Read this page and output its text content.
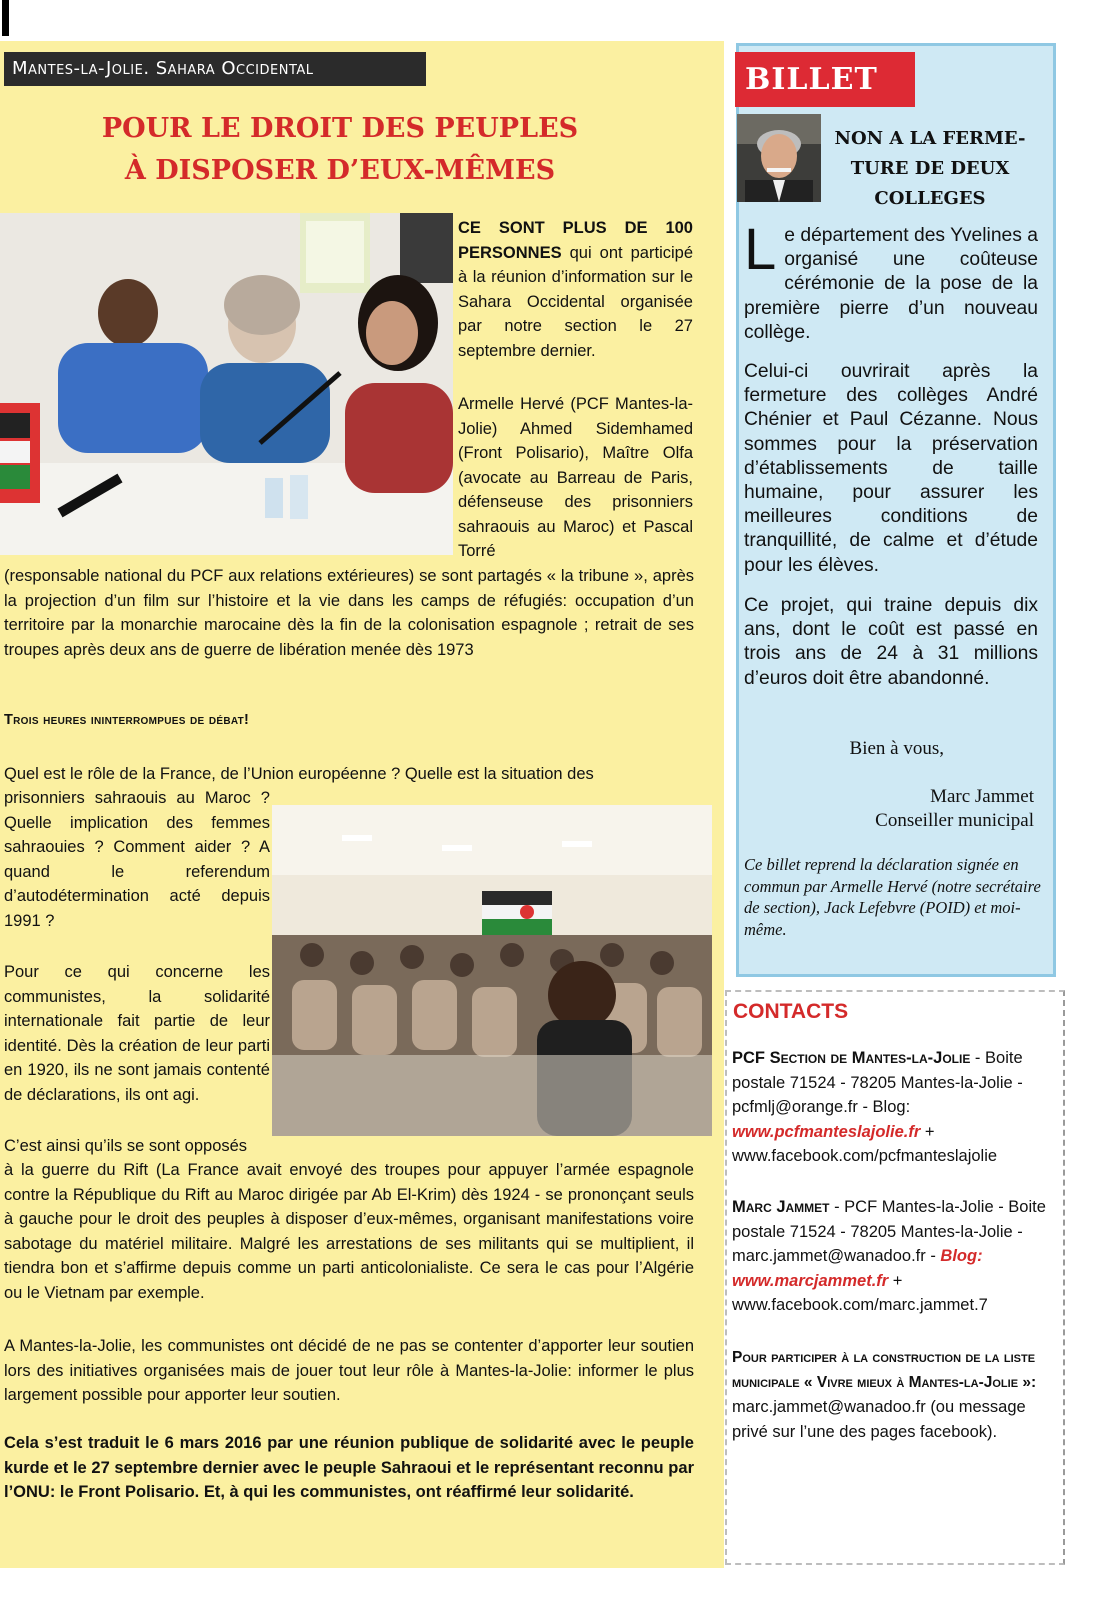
Mantes-la-Jolie. Sahara Occidental
POUR LE DROIT DES PEUPLES
À DISPOSER D’EUX-MÊMES
CE SONT PLUS DE 100 PERSONNES qui ont participé à la réunion d’information sur le Sahara Occidental organisée par notre section le 27 septembre dernier.
Armelle Hervé (PCF Mantes-la-Jolie) Ahmed Sidemhamed (Front Polisario), Maître Olfa (avocate au Barreau de Paris, défenseuse des prisonniers sahraouis au Maroc) et Pascal Torré
(responsable national du PCF aux relations extérieures) se sont partagés « la tribune », après la projection d’un film sur l’histoire et la vie dans les camps de réfugiés: occupation d’un territoire par la monarchie marocaine dès la fin de la colonisation espagnole ; retrait de ses troupes après deux ans de guerre de libération menée dès 1973
Trois heures ininterrompues de débat!
Quel est le rôle de la France, de l’Union européenne ? Quelle est la situation des
prisonniers sahraouis au Maroc ? Quelle implication des femmes sahraouies ? Comment aider ? A quand le referendum d’autodétermination acté depuis 1991 ?
Pour ce qui concerne les communistes, la solidarité internationale fait partie de leur identité. Dès la création de leur parti en 1920, ils ne sont jamais contenté de déclarations, ils ont agi.
C’est ainsi qu’ils se sont opposés
à la guerre du Rift (La France avait envoyé des troupes pour appuyer l’armée espagnole contre la République du Rift au Maroc dirigée par Ab El-Krim) dès 1924 - se prononçant seuls à gauche pour le droit des peuples à disposer d’eux-mêmes, organisant manifestations voire sabotage du matériel militaire. Malgré les arrestations de ses militants qui se multiplient, il tiendra bon et s’affirme depuis comme un parti anticolonialiste. Ce sera le cas pour l’Algérie ou le Vietnam par exemple.
A Mantes-la-Jolie, les communistes ont décidé de ne pas se contenter d’apporter leur soutien lors des initiatives organisées mais de jouer tout leur rôle à Mantes-la-Jolie: informer le plus largement possible pour apporter leur soutien.
Cela s’est traduit le 6 mars 2016 par une réunion publique de solidarité avec le peuple kurde et le 27 septembre dernier avec le peuple Sahraoui et le représentant reconnu par l’ONU: le Front Polisario. Et, à qui les communistes, ont réaffirmé leur solidarité.
BILLET
NON A LA FERME-
TURE DE DEUX
COLLEGES
Le département des Yvelines a organisé une coûteuse cérémonie de la pose de la première pierre d’un nouveau collège.
Celui-ci ouvrirait après la fermeture des collèges André Chénier et Paul Cézanne. Nous sommes pour la préservation d’établissements de taille humaine, pour assurer les meilleures conditions de tranquillité, de calme et d’étude pour les élèves.
Ce projet, qui traine depuis dix ans, dont le coût est passé en trois ans de 24 à 31 millions d’euros doit être abandonné.
Bien à vous,
Marc Jammet
Conseiller municipal
Ce billet reprend la déclaration signée en commun par Armelle Hervé (notre secrétaire de section), Jack Lefebvre (POID) et moi-même.
CONTACTS
PCF Section de Mantes-la-Jolie - Boite postale 71524 - 78205 Mantes-la-Jolie - pcfmlj@orange.fr - Blog: www.pcfmanteslajolie.fr + www.facebook.com/pcfmanteslajolie
Marc Jammet - PCF Mantes-la-Jolie - Boite postale 71524 - 78205 Mantes-la-Jolie - marc.jammet@wanadoo.fr - Blog: www.marcjammet.fr + www.facebook.com/marc.jammet.7
Pour participer à la construction de la liste municipale « Vivre mieux à Mantes-la-Jolie »:
marc.jammet@wanadoo.fr (ou message privé sur l’une des pages facebook).
